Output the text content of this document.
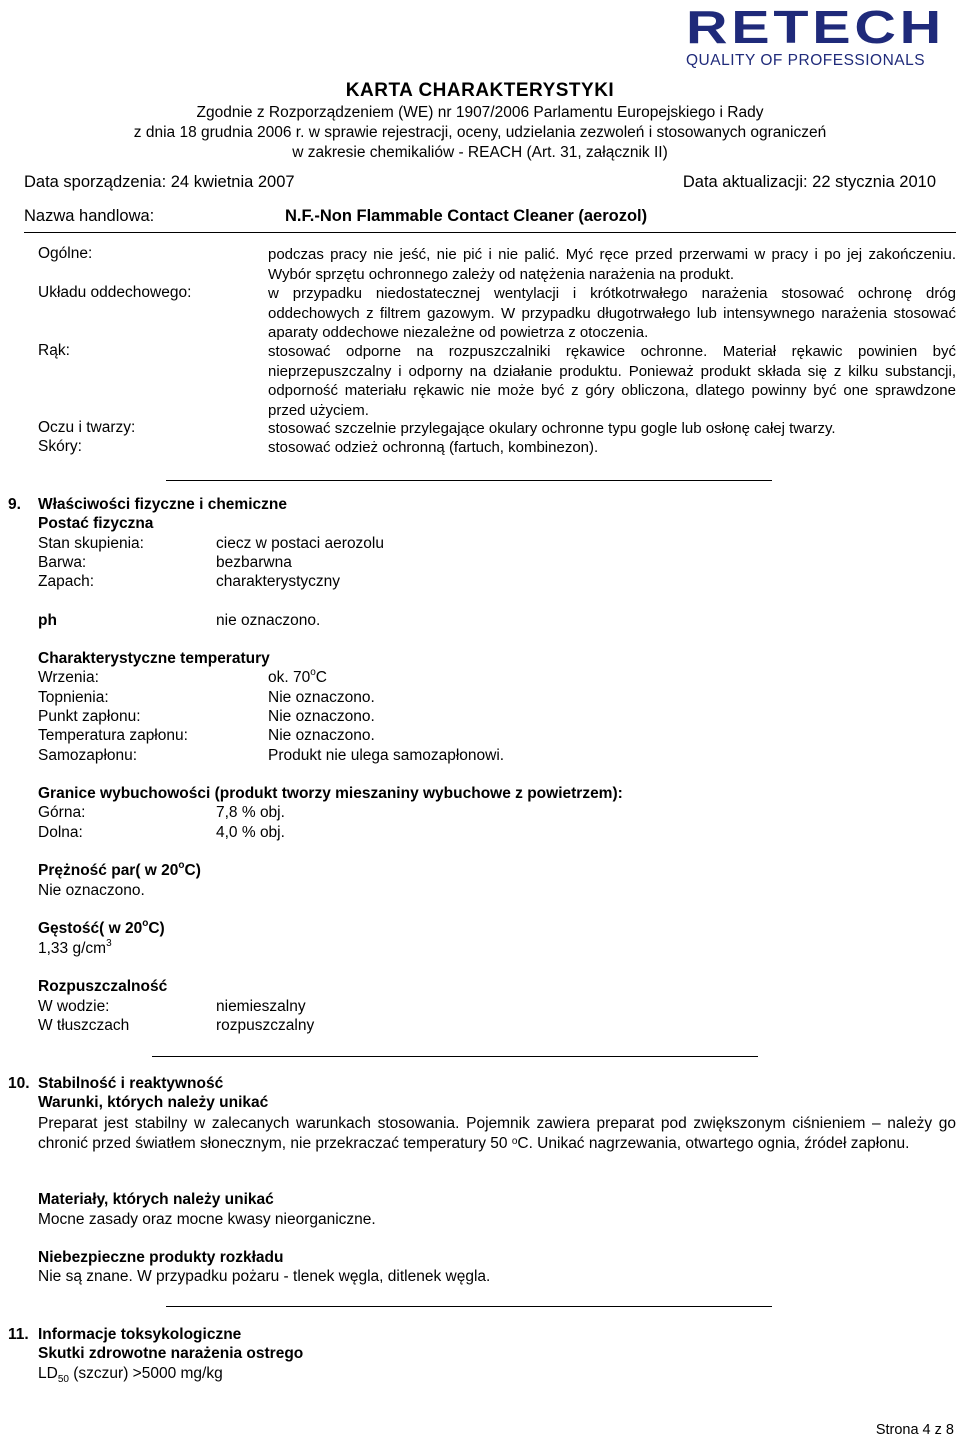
RETECH
QUALITY OF PROFESSIONALS
KARTA CHARAKTERYSTYKI
Zgodnie z Rozporządzeniem (WE) nr 1907/2006 Parlamentu Europejskiego i Rady
z dnia 18 grudnia 2006 r. w sprawie rejestracji, oceny, udzielania zezwoleń i stosowanych ograniczeń
w zakresie chemikaliów - REACH (Art. 31, załącznik II)
Data sporządzenia: 24 kwietnia 2007	Data aktualizacji: 22 stycznia 2010
Nazwa handlowa:	N.F.-Non Flammable Contact Cleaner (aerozol)
Ogólne:	podczas pracy nie jeść, nie pić i nie palić. Myć ręce przed przerwami w pracy i po jej zakończeniu. Wybór sprzętu ochronnego zależy od natężenia narażenia na produkt.
Układu oddechowego:	w przypadku niedostatecznej wentylacji i krótkotrwałego narażenia stosować ochronę dróg oddechowych z filtrem gazowym. W przypadku długotrwałego lub intensywnego narażenia stosować aparaty oddechowe niezależne od powietrza z otoczenia.
Rąk:	stosować odporne na rozpuszczalniki rękawice ochronne. Materiał rękawic powinien być nieprzepuszczalny i odporny na działanie produktu. Ponieważ produkt składa się z kilku substancji, odporność materiału rękawic nie może być z góry obliczona, dlatego powinny być one sprawdzone przed użyciem.
Oczu i twarzy:	stosować szczelnie przylegające okulary ochronne typu gogle lub osłonę całej twarzy.
Skóry:	stosować odzież ochronną (fartuch, kombinezon).
9. Właściwości fizyczne i chemiczne
Postać fizyczna
Stan skupienia:	ciecz w postaci aerozolu
Barwa:	bezbarwna
Zapach:	charakterystyczny
ph	nie oznaczono.
Charakterystyczne temperatury
Wrzenia:	ok. 70$^o$C
Topnienia:	Nie oznaczono.
Punkt zapłonu:	Nie oznaczono.
Temperatura zapłonu:	Nie oznaczono.
Samozapłonu:	Produkt nie ulega samozapłonowi.
Granice wybuchowości (produkt tworzy mieszaniny wybuchowe z powietrzem):
Górna:	7,8 % obj.
Dolna:	4,0 % obj.
Prężność par( w 20$^o$C)
Nie oznaczono.
Gęstość( w 20$^o$C)
1,33 $g/cm^3$
Rozpuszczalność
W wodzie:	niemieszalny
W tłuszczach	rozpuszczalny
10. Stabilność i reaktywność
Warunki, których należy unikać
Preparat jest stabilny w zalecanych warunkach stosowania. Pojemnik zawiera preparat pod zwiększonym ciśnieniem – należy go chronić przed światłem słonecznym, nie przekraczać temperatury 50 $^o$C. Unikać nagrzewania, otwartego ognia, źródeł zapłonu.
Materiały, których należy unikać
Mocne zasady oraz mocne kwasy nieorganiczne.
Niebezpieczne produkty rozkładu
Nie są znane. W przypadku pożaru - tlenek węgla, ditlenek węgla.
11. Informacje toksykologiczne
Skutki zdrowotne narażenia ostrego
$LD_{50}$ (szczur) >5000 mg/kg
Strona 4 z 8
